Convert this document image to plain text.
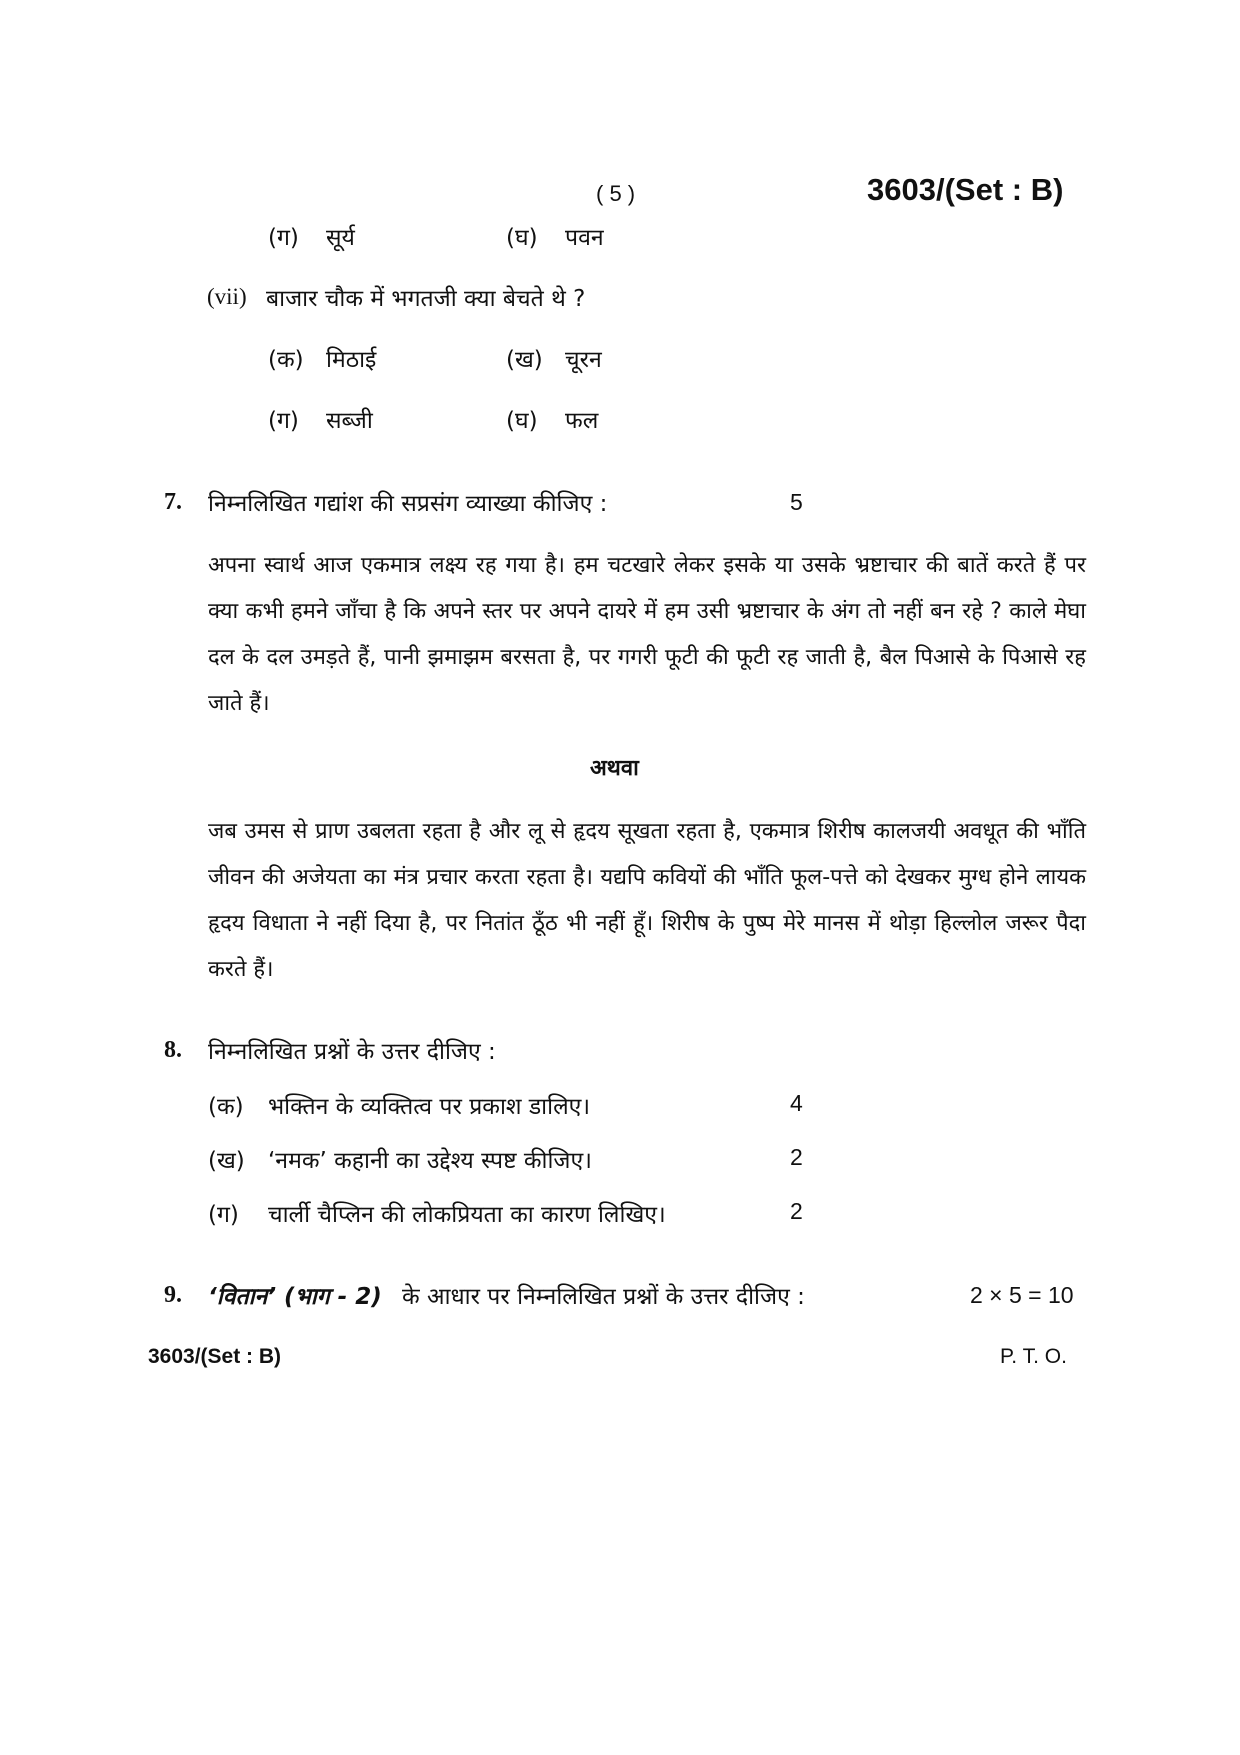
( 5 )	3603/(Set : B)
(ग) सूर्य	(घ) पवन
(vii) बाजार चौक में भगतजी क्या बेचते थे ?
(क) मिठाई	(ख) चूरन
(ग) सब्जी	(घ) फल
7. निम्नलिखित गद्यांश की सप्रसंग व्याख्या कीजिए :	5
अपना स्वार्थ आज एकमात्र लक्ष्य रह गया है। हम चटखारे लेकर इसके या उसके भ्रष्टाचार की बातें करते हैं पर क्या कभी हमने जाँचा है कि अपने स्तर पर अपने दायरे में हम उसी भ्रष्टाचार के अंग तो नहीं बन रहे ? काले मेघा दल के दल उमड़ते हैं, पानी झमाझम बरसता है, पर गगरी फूटी की फूटी रह जाती है, बैल पिआसे के पिआसे रह जाते हैं।
अथवा
जब उमस से प्राण उबलता रहता है और लू से हृदय सूखता रहता है, एकमात्र शिरीष कालजयी अवधूत की भाँति जीवन की अजेयता का मंत्र प्रचार करता रहता है। यद्यपि कवियों की भाँति फूल-पत्ते को देखकर मुग्ध होने लायक हृदय विधाता ने नहीं दिया है, पर नितांत ठूँठ भी नहीं हूँ। शिरीष के पुष्प मेरे मानस में थोड़ा हिल्लोल जरूर पैदा करते हैं।
8. निम्नलिखित प्रश्नों के उत्तर दीजिए :
(क) भक्तिन के व्यक्तित्व पर प्रकाश डालिए।	4
(ख) ‘नमक’ कहानी का उद्देश्य स्पष्ट कीजिए।	2
(ग) चार्ली चैप्लिन की लोकप्रियता का कारण लिखिए।	2
9. ‘वितान’ (भाग - 2) के आधार पर निम्नलिखित प्रश्नों के उत्तर दीजिए :	2 × 5 = 10
3603/(Set : B)	P. T. O.
